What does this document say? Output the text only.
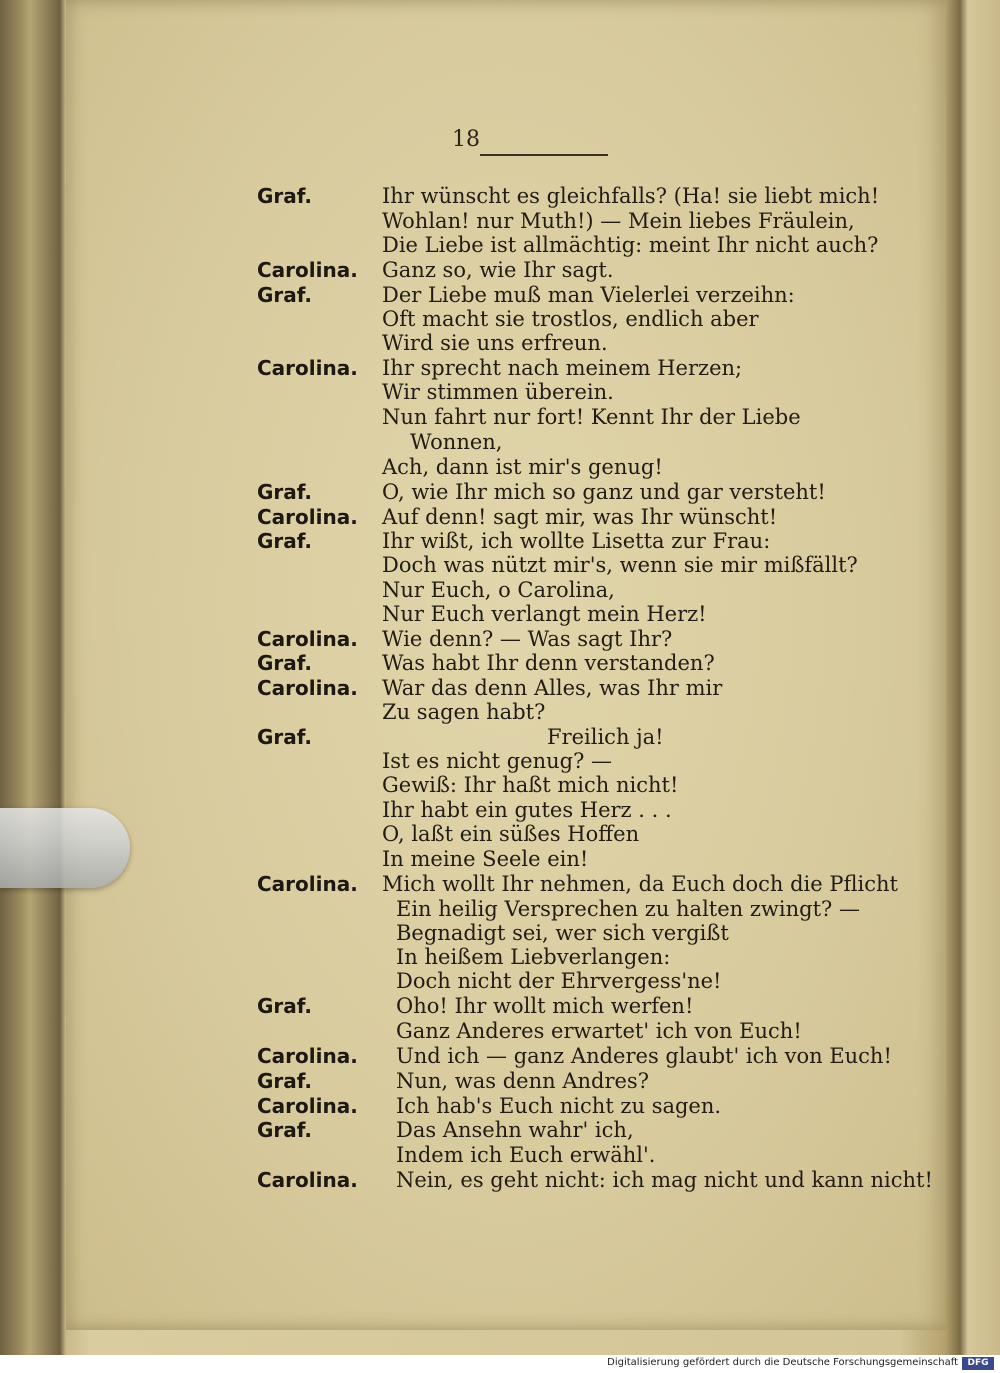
18
Graf.	Ihr wünscht es gleichfalls? (Ha! sie liebt mich!
Wohlan! nur Muth!) — Mein liebes Fräulein,
Die Liebe ist allmächtig: meint Ihr nicht auch?
Carolina. Ganz so, wie Ihr sagt.
Graf.	Der Liebe muß man Vielerlei verzeihn:
Oft macht sie trostlos, endlich aber
Wird sie uns erfreun.
Carolina. Ihr sprecht nach meinem Herzen;
Wir stimmen überein.
Nun fahrt nur fort! Kennt Ihr der Liebe
Wonnen,
Ach, dann ist mir's genug!
Graf.	O, wie Ihr mich so ganz und gar versteht!
Carolina. Auf denn! sagt mir, was Ihr wünscht!
Graf.	Ihr wißt, ich wollte Lisetta zur Frau:
Doch was nützt mir's, wenn sie mir mißfällt?
Nur Euch, o Carolina,
Nur Euch verlangt mein Herz!
Carolina. Wie denn? — Was sagt Ihr?
Graf.	Was habt Ihr denn verstanden?
Carolina. War das denn Alles, was Ihr mir
Zu sagen habt?
Graf.	Freilich ja!
Ist es nicht genug? —
Gewiß: Ihr haßt mich nicht!
Ihr habt ein gutes Herz . . .
O, laßt ein süßes Hoffen
In meine Seele ein!
Carolina. Mich wollt Ihr nehmen, da Euch doch die Pflicht
Ein heilig Versprechen zu halten zwingt? —
Begnadigt sei, wer sich vergißt
In heißem Liebverlangen:
Doch nicht der Ehrvergess'ne!
Graf.	Oho! Ihr wollt mich werfen!
Ganz Anderes erwartet' ich von Euch!
Carolina. Und ich — ganz Anderes glaubt' ich von Euch!
Graf.	Nun, was denn Andres?
Carolina. Ich hab's Euch nicht zu sagen.
Graf.	Das Ansehn wahr' ich,
Indem ich Euch erwähl'.
Carolina. Nein, es geht nicht: ich mag nicht und kann nicht!
Digitalisierung gefördert durch die Deutsche Forschungsgemeinschaft	DFG
